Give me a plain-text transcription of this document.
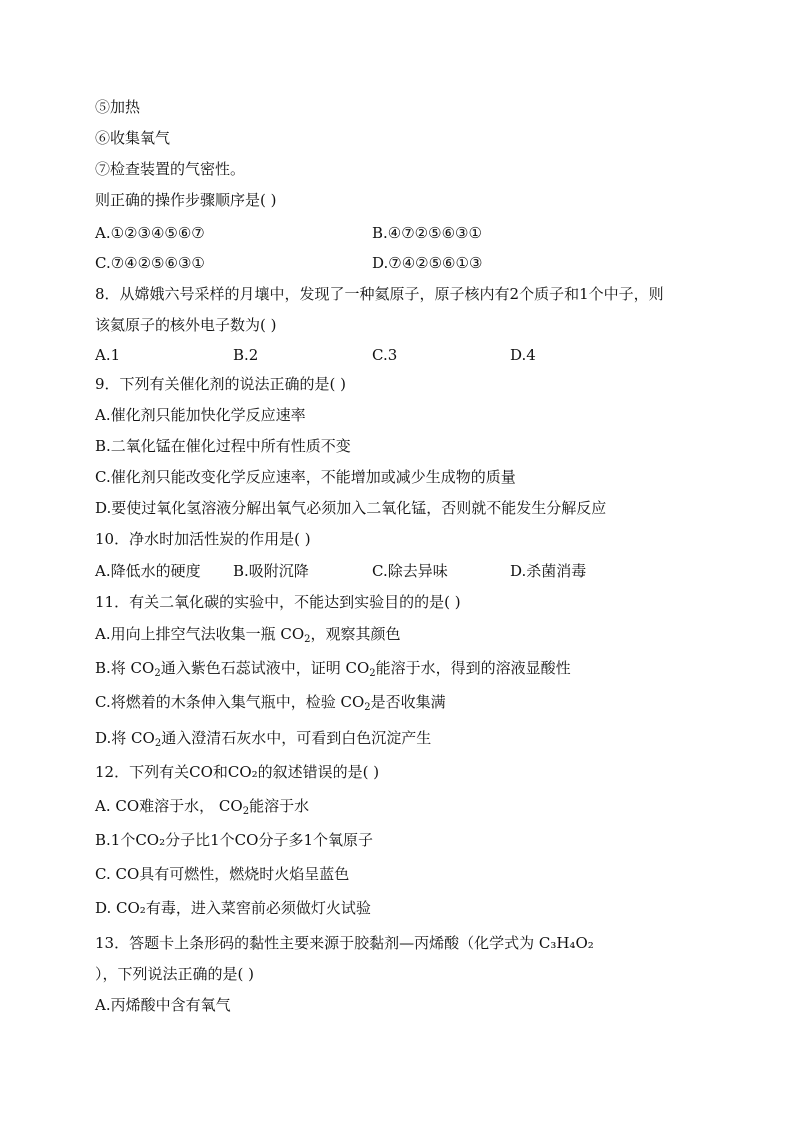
⑤加热
⑥收集氧气
⑦检查装置的气密性。
则正确的操作步骤顺序是( )
A.①②③④⑤⑥⑦	B.④⑦②⑤⑥③①
C.⑦④②⑤⑥③①	D.⑦④②⑤⑥①③
8．从嫦娥六号采样的月壤中，发现了一种氦原子，原子核内有2个质子和1个中子，则
该氦原子的核外电子数为( )
A.1	B.2	C.3	D.4
9．下列有关催化剂的说法正确的是( )
A.催化剂只能加快化学反应速率
B.二氧化锰在催化过程中所有性质不变
C.催化剂只能改变化学反应速率，不能增加或减少生成物的质量
D.要使过氧化氢溶液分解出氧气必须加入二氧化锰，否则就不能发生分解反应
10．净水时加活性炭的作用是( )
A.降低水的硬度 B.吸附沉降	C.除去异味	D.杀菌消毒
11．有关二氧化碳的实验中，不能达到实验目的的是( )
A.用向上排空气法收集一瓶 $CO_2$，观察其颜色
B.将 $CO_2$通入紫色石蕊试液中，证明 $CO_2$能溶于水，得到的溶液显酸性
C.将燃着的木条伸入集气瓶中，检验 $CO_2$是否收集满
D.将 $CO_2$通入澄清石灰水中，可看到白色沉淀产生
12．下列有关CO和CO₂的叙述错误的是( )
A. CO难溶于水， $CO_2$能溶于水
B.1个CO₂分子比1个CO分子多1个氧原子
C. CO具有可燃性，燃烧时火焰呈蓝色
D. CO₂有毒，进入菜窖前必须做灯火试验
13．答题卡上条形码的黏性主要来源于胶黏剂—丙烯酸（化学式为 C₃H₄O₂
），下列说法正确的是( )
A.丙烯酸中含有氧气
